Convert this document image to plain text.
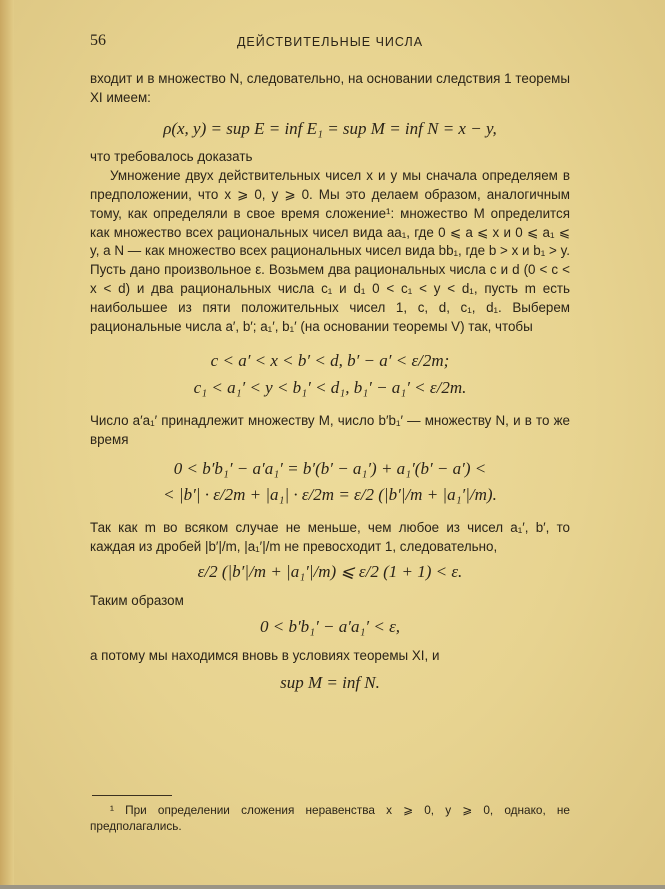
56	ДЕЙСТВИТЕЛЬНЫЕ ЧИСЛА

входит и в множество N, следовательно, на основании следствия 1 теоремы XI имеем:

ρ(x, y) = sup E = inf E₁ = sup M = inf N = x − y,

что требовалось доказать

Умножение двух действительных чисел x и y мы сначала определяем в предположении, что x ⩾ 0, y ⩾ 0. Мы это делаем образом, аналогичным тому, как определяли в свое время сложение¹: множество M определится как множество всех рациональных чисел вида aa₁, где 0 ⩽ a ⩽ x и 0 ⩽ a₁ ⩽ y, а N — как множество всех рациональных чисел вида bb₁, где b > x и b₁ > y. Пусть дано произвольное ε. Возьмем два рациональных числа c и d (0 < c < x < d) и два рациональных числа c₁ и d₁ 0 < c₁ < y < d₁, пусть m есть наибольшее из пяти положительных чисел 1, c, d, c₁, d₁. Выберем рациональные числа a′, b′; a₁′, b₁′ (на основании теоремы V) так, чтобы

c < a′ < x < b′ < d, b′ − a′ < ε/2m;
c₁ < a₁′ < y < b₁′ < d₁, b₁′ − a₁′ < ε/2m.

Число a′a₁′ принадлежит множеству M, число b′b₁′ — множеству N, и в то же время

0 < b′b₁′ − a′a₁′ = b′(b′ − a₁′) + a₁′(b′ − a′) <
< |b′| · ε/2m + |a₁| · ε/2m = ε/2 (|b′|/m + |a₁′|/m).

Так как m во всяком случае не меньше, чем любое из чисел a₁′, b′, то каждая из дробей |b′|/m, |a₁′|/m не превосходит 1, следовательно,

ε/2 (|b′|/m + |a₁′|/m) ⩽ ε/2 (1 + 1) < ε.

Таким образом

0 < b′b₁′ − a′a₁′ < ε,

а потому мы находимся вновь в условиях теоремы XI, и

sup M = inf N.

¹ При определении сложения неравенства x ⩾ 0, y ⩾ 0, однако, не предполагались.
